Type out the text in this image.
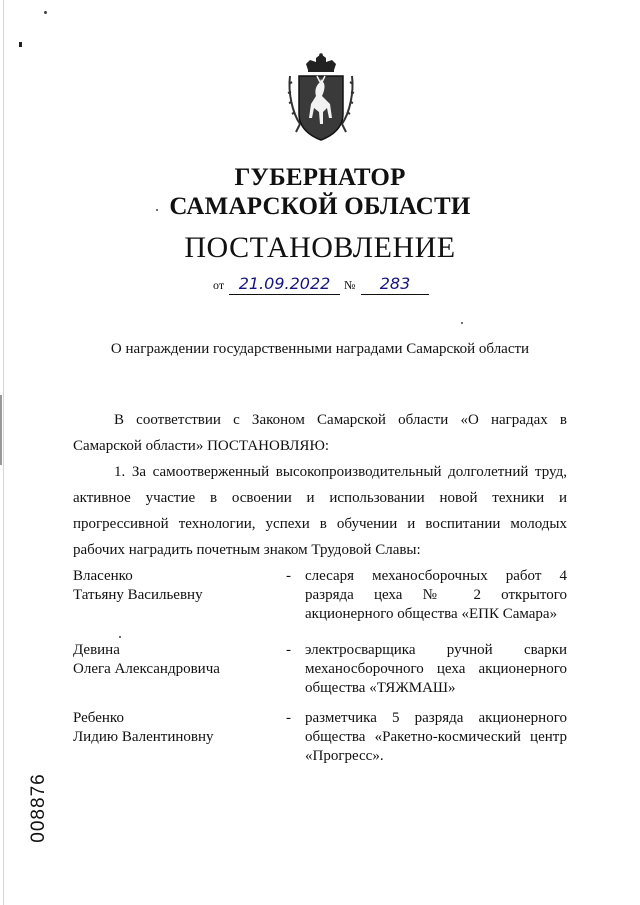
ГУБЕРНАТОР
САМАРСКОЙ ОБЛАСТИ
ПОСТАНОВЛЕНИЕ
от 21.09.2022	№	283
О награждении государственными наградами Самарской области
В соответствии с Законом Самарской области «О наградах в Самарской области» ПОСТАНОВЛЯЮ:
1. За самоотверженный высокопроизводительный долголетний труд, активное участие в освоении и использовании новой техники и прогрессивной технологии, успехи в обучении и воспитании молодых рабочих наградить почетным знаком Трудовой Славы:
Власенко
Татьяну Васильевну
- слесаря механосборочных работ 4 разряда цеха № 2 открытого акционерного общества «ЕПК Самара»
Девина
Олега Александровича
- электросварщика ручной сварки механосборочного цеха акционерного общества «ТЯЖМАШ»
Ребенко
Лидию Валентиновну
- разметчика 5 разряда акционерного общества «Ракетно-космический центр «Прогресс».
008876
